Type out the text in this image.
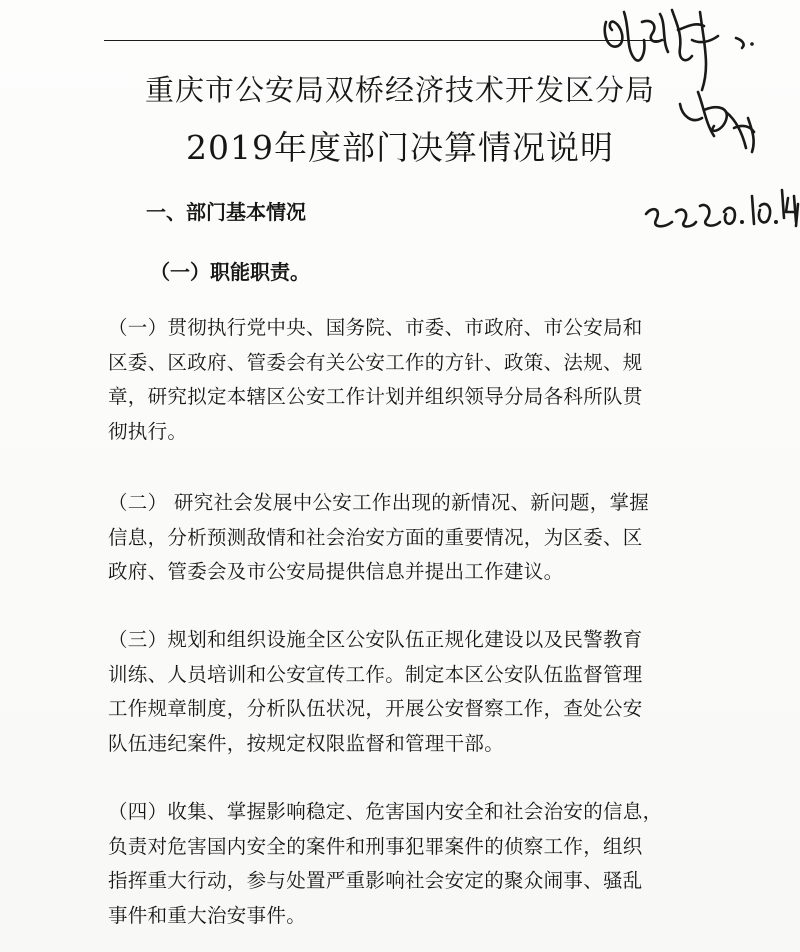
重庆市公安局双桥经济技术开发区分局
2019年度部门决算情况说明
一、部门基本情况
（一）职能职责。
（一）贯彻执行党中央、国务院、市委、市政府、市公安局和
区委、区政府、管委会有关公安工作的方针、政策、法规、规
章，研究拟定本辖区公安工作计划并组织领导分局各科所队贯
彻执行。
（二） 研究社会发展中公安工作出现的新情况、新问题，掌握
信息，分析预测敌情和社会治安方面的重要情况，为区委、区
政府、管委会及市公安局提供信息并提出工作建议。
（三）规划和组织设施全区公安队伍正规化建设以及民警教育
训练、人员培训和公安宣传工作。制定本区公安队伍监督管理
工作规章制度，分析队伍状况，开展公安督察工作，查处公安
队伍违纪案件，按规定权限监督和管理干部。
（四）收集、掌握影响稳定、危害国内安全和社会治安的信息，
负责对危害国内安全的案件和刑事犯罪案件的侦察工作，组织
指挥重大行动，参与处置严重影响社会安定的聚众闹事、骚乱
事件和重大治安事件。
